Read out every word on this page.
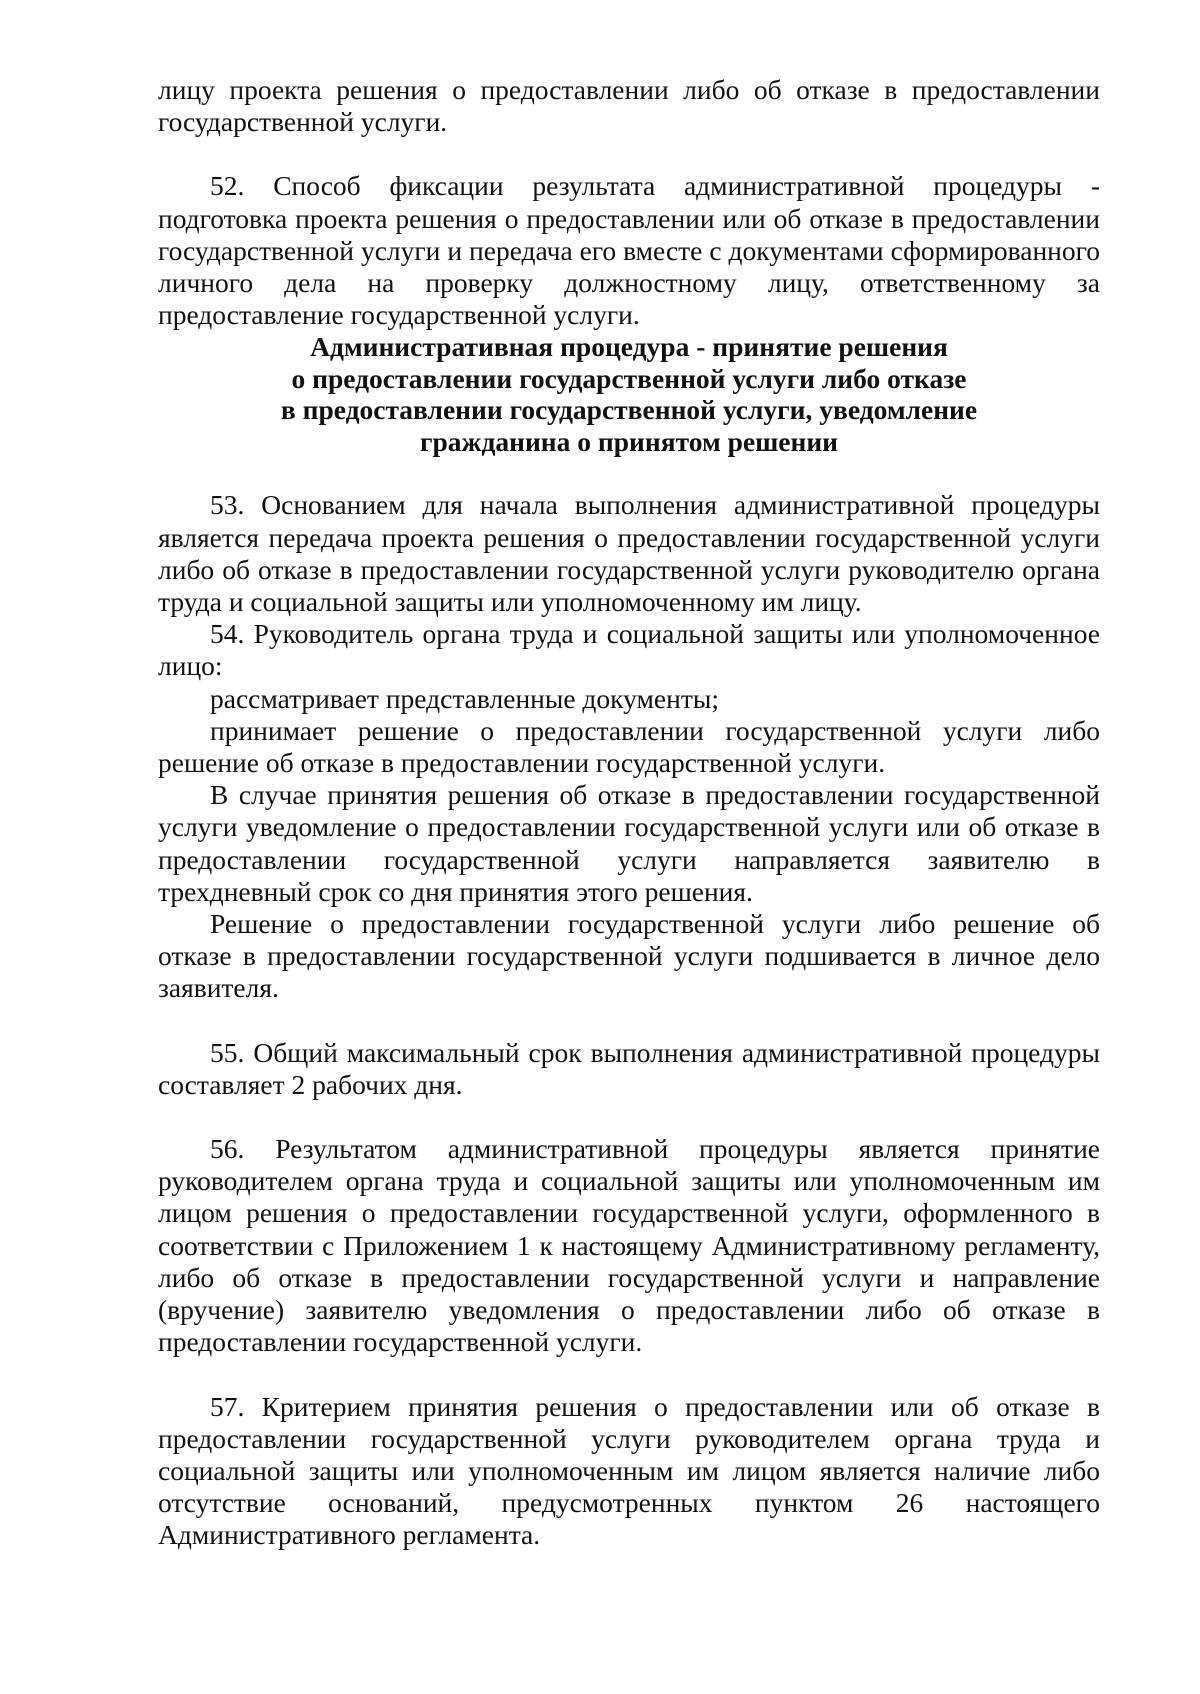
лицу проекта решения о предоставлении либо об отказе в предоставлении государственной услуги.

52. Способ фиксации результата административной процедуры - подготовка проекта решения о предоставлении или об отказе в предоставлении государственной услуги и передача его вместе с документами сформированного личного дела на проверку должностному лицу, ответственному за предоставление государственной услуги.

Административная процедура - принятие решения
о предоставлении государственной услуги либо отказе
в предоставлении государственной услуги, уведомление
гражданина о принятом решении

53. Основанием для начала выполнения административной процедуры является передача проекта решения о предоставлении государственной услуги либо об отказе в предоставлении государственной услуги руководителю органа труда и социальной защиты или уполномоченному им лицу.

54. Руководитель органа труда и социальной защиты или уполномоченное лицо:

рассматривает представленные документы;

принимает решение о предоставлении государственной услуги либо решение об отказе в предоставлении государственной услуги.

В случае принятия решения об отказе в предоставлении государственной услуги уведомление о предоставлении государственной услуги или об отказе в предоставлении государственной услуги направляется заявителю в трехдневный срок со дня принятия этого решения.

Решение о предоставлении государственной услуги либо решение об отказе в предоставлении государственной услуги подшивается в личное дело заявителя.

55. Общий максимальный срок выполнения административной процедуры составляет 2 рабочих дня.

56. Результатом административной процедуры является принятие руководителем органа труда и социальной защиты или уполномоченным им лицом решения о предоставлении государственной услуги, оформленного в соответствии с Приложением 1 к настоящему Административному регламенту, либо об отказе в предоставлении государственной услуги и направление (вручение) заявителю уведомления о предоставлении либо об отказе в предоставлении государственной услуги.

57. Критерием принятия решения о предоставлении или об отказе в предоставлении государственной услуги руководителем органа труда и социальной защиты или уполномоченным им лицом является наличие либо отсутствие оснований, предусмотренных пунктом 26 настоящего Административного регламента.
